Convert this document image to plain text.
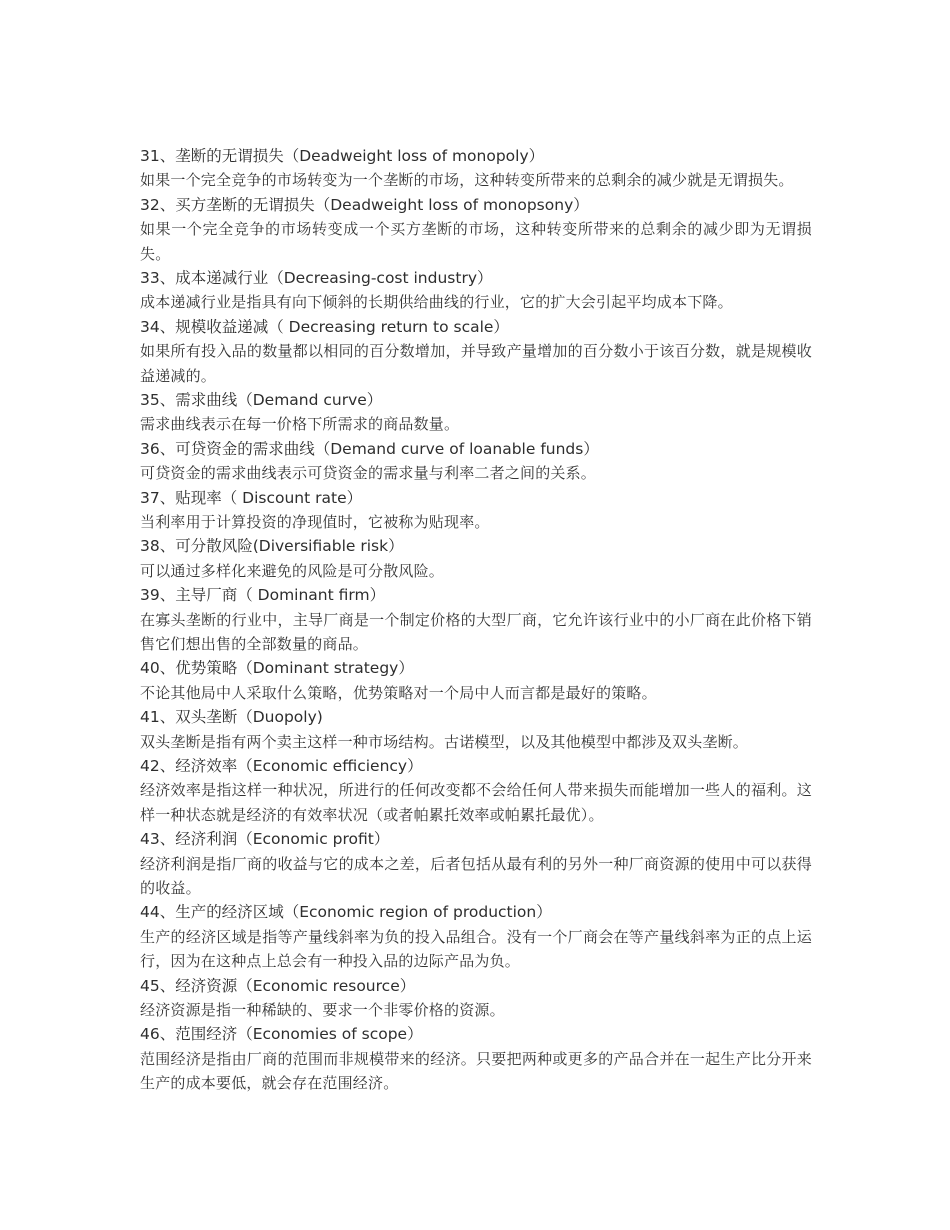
31、垄断的无谓损失（Deadweight loss of monopoly）
如果一个完全竞争的市场转变为一个垄断的市场，这种转变所带来的总剩余的减少就是无谓损失。
32、买方垄断的无谓损失（Deadweight loss of monopsony）
如果一个完全竞争的市场转变成一个买方垄断的市场，这种转变所带来的总剩余的减少即为无谓损失。
33、成本递减行业（Decreasing-cost industry）
成本递减行业是指具有向下倾斜的长期供给曲线的行业，它的扩大会引起平均成本下降。
34、规模收益递减（ Decreasing return to scale）
如果所有投入品的数量都以相同的百分数增加，并导致产量增加的百分数小于该百分数，就是规模收益递减的。
35、需求曲线（Demand curve）
需求曲线表示在每一价格下所需求的商品数量。
36、可贷资金的需求曲线（Demand curve of loanable funds）
可贷资金的需求曲线表示可贷资金的需求量与利率二者之间的关系。
37、贴现率（ Discount rate）
当利率用于计算投资的净现值时，它被称为贴现率。
38、可分散风险(Diversifiable risk）
可以通过多样化来避免的风险是可分散风险。
39、主导厂商（ Dominant firm）
在寡头垄断的行业中，主导厂商是一个制定价格的大型厂商，它允许该行业中的小厂商在此价格下销售它们想出售的全部数量的商品。
40、优势策略（Dominant strategy）
不论其他局中人采取什么策略，优势策略对一个局中人而言都是最好的策略。
41、双头垄断（Duopoly)
双头垄断是指有两个卖主这样一种市场结构。古诺模型，以及其他模型中都涉及双头垄断。
42、经济效率（Economic efficiency）
经济效率是指这样一种状况，所进行的任何改变都不会给任何人带来损失而能增加一些人的福利。这样一种状态就是经济的有效率状况（或者帕累托效率或帕累托最优）。
43、经济利润（Economic profit）
经济利润是指厂商的收益与它的成本之差，后者包括从最有利的另外一种厂商资源的使用中可以获得的收益。
44、生产的经济区域（Economic region of production）
生产的经济区域是指等产量线斜率为负的投入品组合。没有一个厂商会在等产量线斜率为正的点上运行，因为在这种点上总会有一种投入品的边际产品为负。
45、经济资源（Economic resource）
经济资源是指一种稀缺的、要求一个非零价格的资源。
46、范围经济（Economies of scope）
范围经济是指由厂商的范围而非规模带来的经济。只要把两种或更多的产品合并在一起生产比分开来生产的成本要低，就会存在范围经济。
